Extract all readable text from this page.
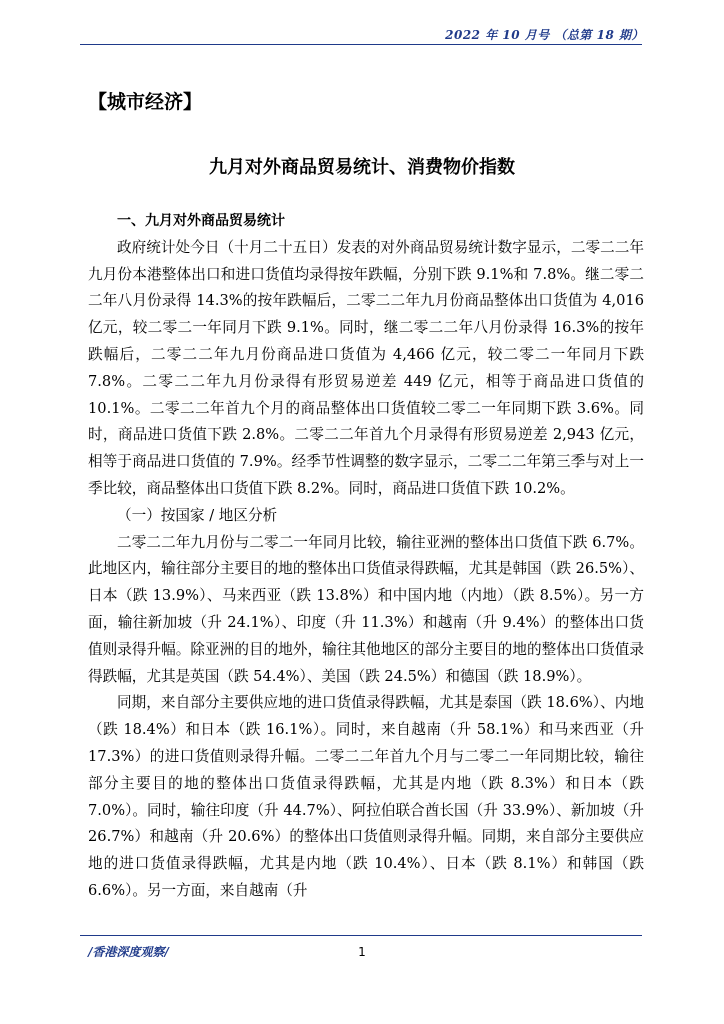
2022 年 10 月号 （总第 18 期）
【城市经济】
九月对外商品贸易统计、消费物价指数
一、九月对外商品贸易统计

政府统计处今日（十月二十五日）发表的对外商品贸易统计数字显示，二零二二年九月份本港整体出口和进口货值均录得按年跌幅，分别下跌 9.1%和 7.8%。继二零二二年八月份录得 14.3%的按年跌幅后，二零二二年九月份商品整体出口货值为 4,016 亿元，较二零二一年同月下跌 9.1%。同时，继二零二二年八月份录得 16.3%的按年跌幅后，二零二二年九月份商品进口货值为 4,466 亿元，较二零二一年同月下跌 7.8%。二零二二年九月份录得有形贸易逆差 449 亿元，相等于商品进口货值的 10.1%。二零二二年首九个月的商品整体出口货值较二零二一年同期下跌 3.6%。同时，商品进口货值下跌 2.8%。二零二二年首九个月录得有形贸易逆差 2,943 亿元，相等于商品进口货值的 7.9%。经季节性调整的数字显示，二零二二年第三季与对上一季比较，商品整体出口货值下跌 8.2%。同时，商品进口货值下跌 10.2%。

（一）按国家 / 地区分析

二零二二年九月份与二零二一年同月比较，输往亚洲的整体出口货值下跌 6.7%。此地区内，输往部分主要目的地的整体出口货值录得跌幅，尤其是韩国（跌 26.5%）、日本（跌 13.9%）、马来西亚（跌 13.8%）和中国内地（内地）（跌 8.5%）。另一方面，输往新加坡（升 24.1%）、印度（升 11.3%）和越南（升 9.4%）的整体出口货值则录得升幅。除亚洲的目的地外，输往其他地区的部分主要目的地的整体出口货值录得跌幅，尤其是英国（跌 54.4%）、美国（跌 24.5%）和德国（跌 18.9%）。

同期，来自部分主要供应地的进口货值录得跌幅，尤其是泰国（跌 18.6%）、内地（跌 18.4%）和日本（跌 16.1%）。同时，来自越南（升 58.1%）和马来西亚（升 17.3%）的进口货值则录得升幅。二零二二年首九个月与二零二一年同期比较，输往部分主要目的地的整体出口货值录得跌幅，尤其是内地（跌 8.3%）和日本（跌 7.0%）。同时，输往印度（升 44.7%）、阿拉伯联合酋长国（升 33.9%）、新加坡（升 26.7%）和越南（升 20.6%）的整体出口货值则录得升幅。同期，来自部分主要供应地的进口货值录得跌幅，尤其是内地（跌 10.4%）、日本（跌 8.1%）和韩国（跌 6.6%）。另一方面，来自越南（升

/香港深度观察/	1
